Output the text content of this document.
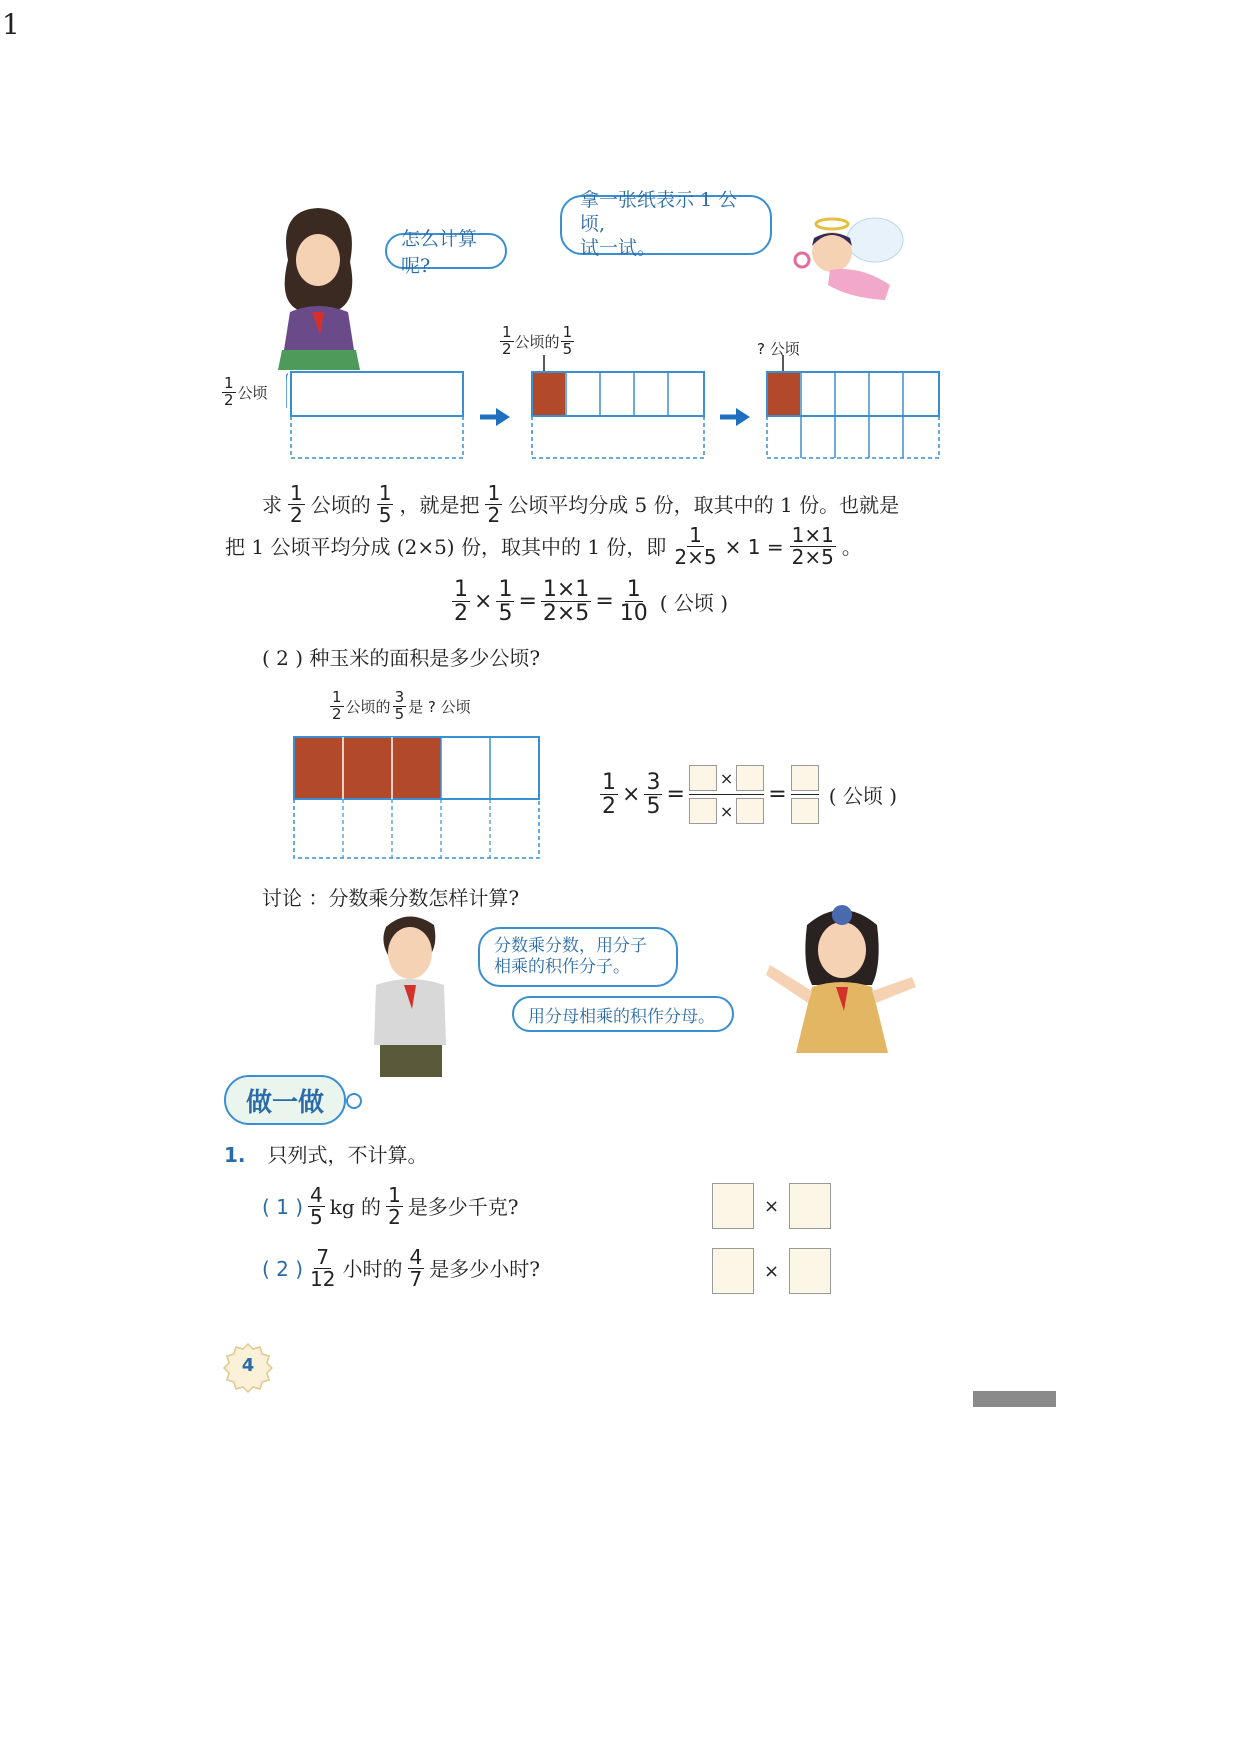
1
怎么计算呢?
拿一张纸表示 1 公顷,
试一试。
$\frac{1}{2}$ 公顷
$\frac{1}{2}$ 公顷的 $\frac{1}{5}$	? 公顷
求 $\frac{1}{2}$ 公顷的 $\frac{1}{5}$ ，就是把 $\frac{1}{2}$ 公顷平均分成 5 份，取其中的 1 份。也就是
把 1 公顷平均分成 (2×5) 份，取其中的 1 份，即 $\frac{1}{2\times 5} \times 1 = \frac{1\times 1}{2\times 5}$ 。
$\frac{1}{2} \times \frac{1}{5} = \frac{1\times 1}{2\times 5} = \frac{1}{10}$ ( 公顷 )
( 2 ) 种玉米的面积是多少公顷?
$\frac{1}{2}$ 公顷的 $\frac{3}{5}$ 是 ? 公顷
$\frac{1}{2} \times \frac{3}{5}$ =
×
×
= ( 公顷 )
讨论 ：分数乘分数怎样计算?
分数乘分数，用分子
相乘的积作分子。
用分母相乘的积作分母。
做一做
1. 只列式，不计算。
( 1 ) $\frac{4}{5}$ kg 的 $\frac{1}{2}$ 是多少千克?	×
( 2 ) $\frac{7}{12}$ 小时的 $\frac{4}{7}$ 是多少小时?	×
4
